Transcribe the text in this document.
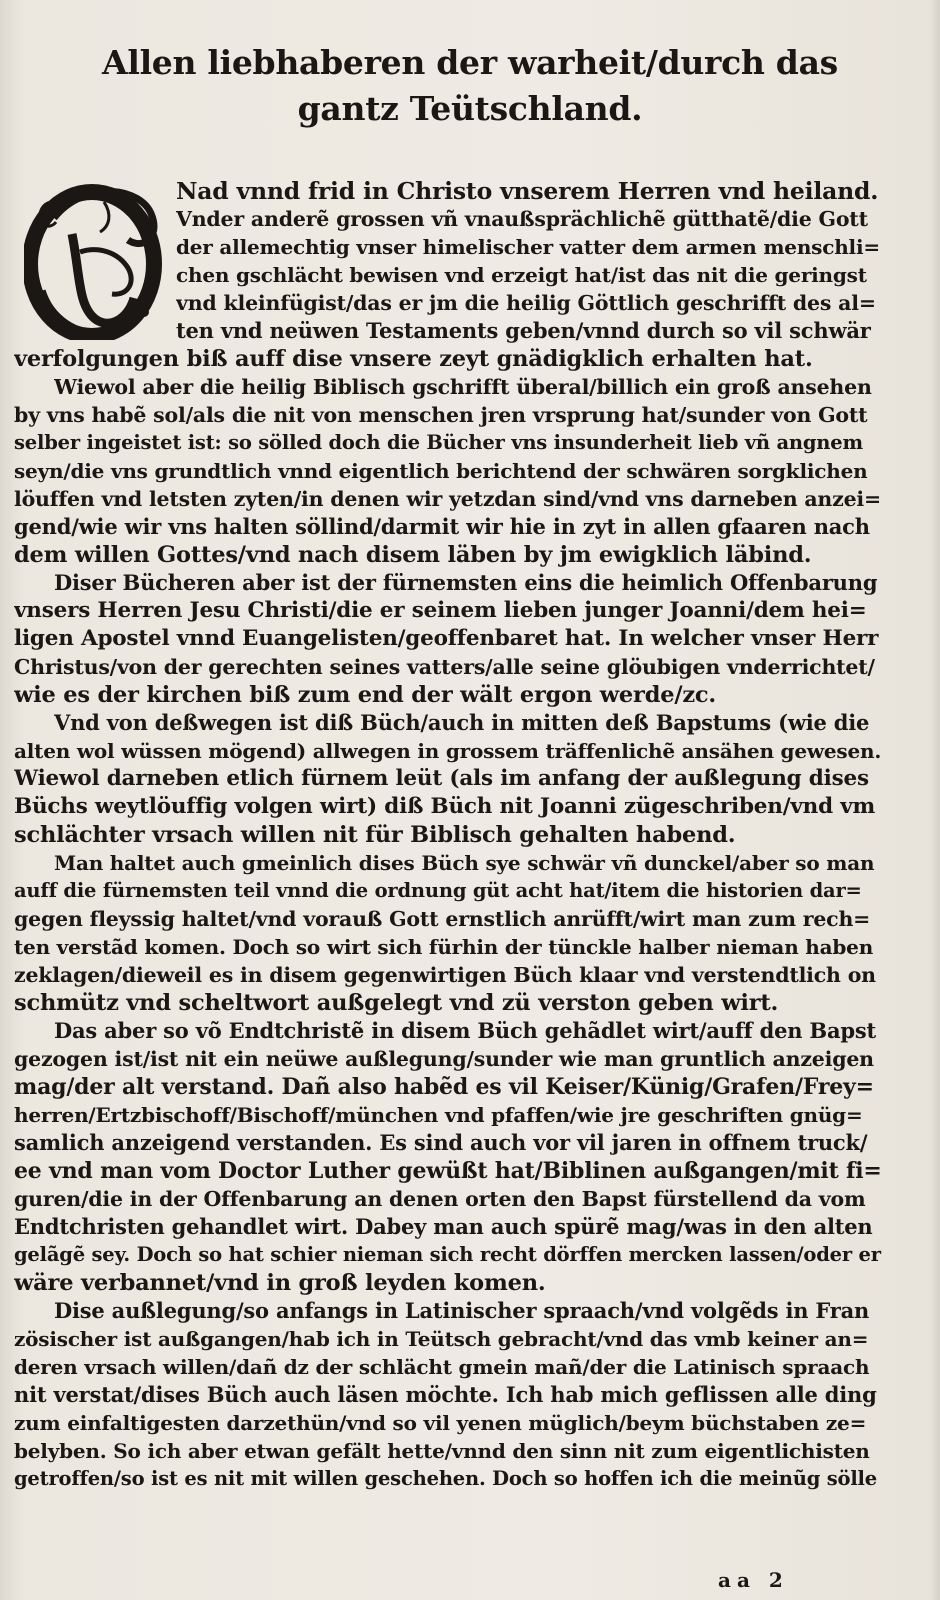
Allen liebhaberen der warheit/durch das
gantz Teütschland.
Nad vnnd frid in Christo vnserem Herren vnd heiland.
Vnder anderẽ grossen vñ vnaußsprächlichẽ gütthatẽ/die Gott
der allemechtig vnser himelischer vatter dem armen menschli=
chen gschlächt bewisen vnd erzeigt hat/ist das nit die geringst
vnd kleinfügist/das er jm die heilig Göttlich geschrifft des al=
ten vnd neüwen Testaments geben/vnnd durch so vil schwär
verfolgungen biß auff dise vnsere zeyt gnädigklich erhalten hat.
Wiewol aber die heilig Biblisch gschrifft überal/billich ein groß ansehen
by vns habẽ sol/als die nit von menschen jren vrsprung hat/sunder von Gott
selber ingeistet ist: so sölled doch die Bücher vns insunderheit lieb vñ angnem
seyn/die vns grundtlich vnnd eigentlich berichtend der schwären sorgklichen
löuffen vnd letsten zyten/in denen wir yetzdan sind/vnd vns darneben anzei=
gend/wie wir vns halten söllind/darmit wir hie in zyt in allen gfaaren nach
dem willen Gottes/vnd nach disem läben by jm ewigklich läbind.
Diser Bücheren aber ist der fürnemsten eins die heimlich Offenbarung
vnsers Herren Jesu Christi/die er seinem lieben junger Joanni/dem hei=
ligen Apostel vnnd Euangelisten/geoffenbaret hat. In welcher vnser Herr
Christus/von der gerechten seines vatters/alle seine glöubigen vnderrichtet/
wie es der kirchen biß zum end der wält ergon werde/zc.
Vnd von deßwegen ist diß Büch/auch in mitten deß Bapstums (wie die
alten wol wüssen mögend) allwegen in grossem träffenlichẽ ansähen gewesen.
Wiewol darneben etlich fürnem leüt (als im anfang der außlegung dises
Büchs weytlöuffig volgen wirt) diß Büch nit Joanni zügeschriben/vnd vm
schlächter vrsach willen nit für Biblisch gehalten habend.
Man haltet auch gmeinlich dises Büch sye schwär vñ dunckel/aber so man
auff die fürnemsten teil vnnd die ordnung güt acht hat/item die historien dar=
gegen fleyssig haltet/vnd vorauß Gott ernstlich anrüfft/wirt man zum rech=
ten verstãd komen. Doch so wirt sich fürhin der tünckle halber nieman haben
zeklagen/dieweil es in disem gegenwirtigen Büch klaar vnd verstendtlich on
schmütz vnd scheltwort außgelegt vnd zü verston geben wirt.
Das aber so võ Endtchristẽ in disem Büch gehãdlet wirt/auff den Bapst
gezogen ist/ist nit ein neüwe außlegung/sunder wie man gruntlich anzeigen
mag/der alt verstand. Dañ also habẽd es vil Keiser/Künig/Grafen/Frey=
herren/Ertzbischoff/Bischoff/münchen vnd pfaffen/wie jre geschriften gnüg=
samlich anzeigend verstanden. Es sind auch vor vil jaren in offnem truck/
ee vnd man vom Doctor Luther gewüßt hat/Biblinen außgangen/mit fi=
guren/die in der Offenbarung an denen orten den Bapst fürstellend da vom
Endtchristen gehandlet wirt. Dabey man auch spürẽ mag/was in den alten
gelãgẽ sey. Doch so hat schier nieman sich recht dörffen mercken lassen/oder er
wäre verbannet/vnd in groß leyden komen.
Dise außlegung/so anfangs in Latinischer spraach/vnd volgẽds in Fran
zösischer ist außgangen/hab ich in Teütsch gebracht/vnd das vmb keiner an=
deren vrsach willen/dañ dz der schlächt gmein mañ/der die Latinisch spraach
nit verstat/dises Büch auch läsen möchte. Ich hab mich geflissen alle ding
zum einfaltigesten darzethün/vnd so vil yenen müglich/beym büchstaben ze=
belyben. So ich aber etwan gefält hette/vnnd den sinn nit zum eigentlichisten
getroffen/so ist es nit mit willen geschehen. Doch so hoffen ich die meinũg sölle
aa 2
